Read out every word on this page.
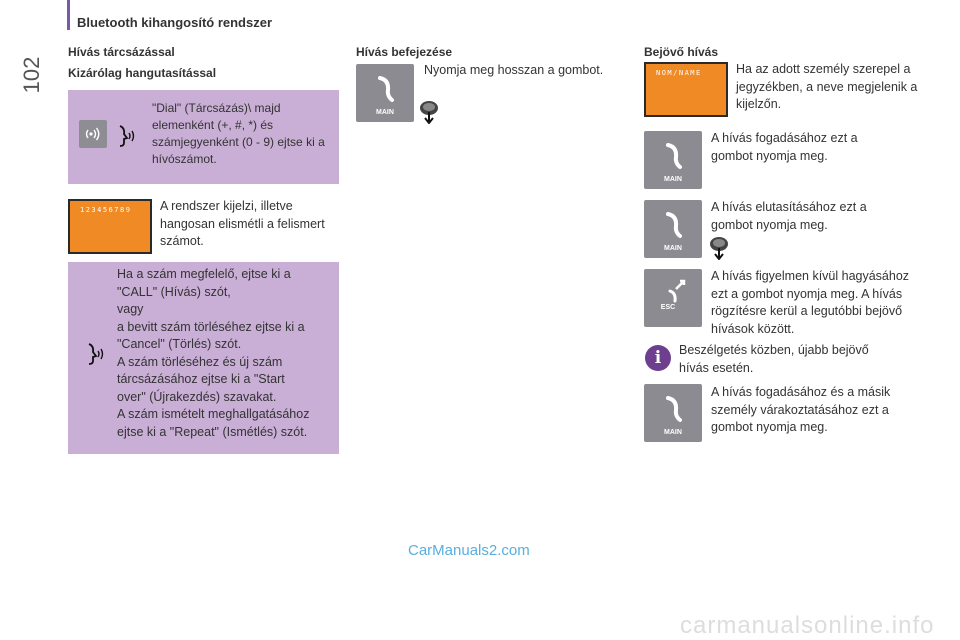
102
Bluetooth kihangosító rendszer
Hívás tárcsázással
Kizárólag hangutasítással
"Dial" (Tárcsázás)\ majd elemenként (+, #, *) és számjegyenként (0 - 9) ejtse ki a hívószámot.
123456789 A rendszer kijelzi, illetve hangosan elismétli a felismert számot.
Ha a szám megfelelő, ejtse ki a
"CALL" (Hívás) szót,
vagy
a bevitt szám törléséhez ejtse ki a
"Cancel" (Törlés) szót.
A szám törléséhez és új szám
tárcsázásához ejtse ki a "Start
over" (Újrakezdés) szavakat.
A szám ismételt meghallgatásához
ejtse ki a "Repeat" (Ismétlés) szót.
Hívás befejezése
MAIN
Nyomja meg hosszan a gombot.
Bejövő hívás
NOM/NAME	Ha az adott személy szerepel a jegyzékben, a neve megjelenik a kijelzőn.
MAIN
A hívás fogadásához ezt a gombot nyomja meg.
MAIN
A hívás elutasításához ezt a gombot nyomja meg.
ESC
A hívás figyelmen kívül hagyásához ezt a gombot nyomja meg. A hívás rögzítésre kerül a legutóbbi bejövő hívások között.
i	Beszélgetés közben, újabb bejövő hívás esetén.
MAIN
A hívás fogadásához és a másik személy várakoztatásához ezt a gombot nyomja meg.
CarManuals2.com
carmanualsonline.info
